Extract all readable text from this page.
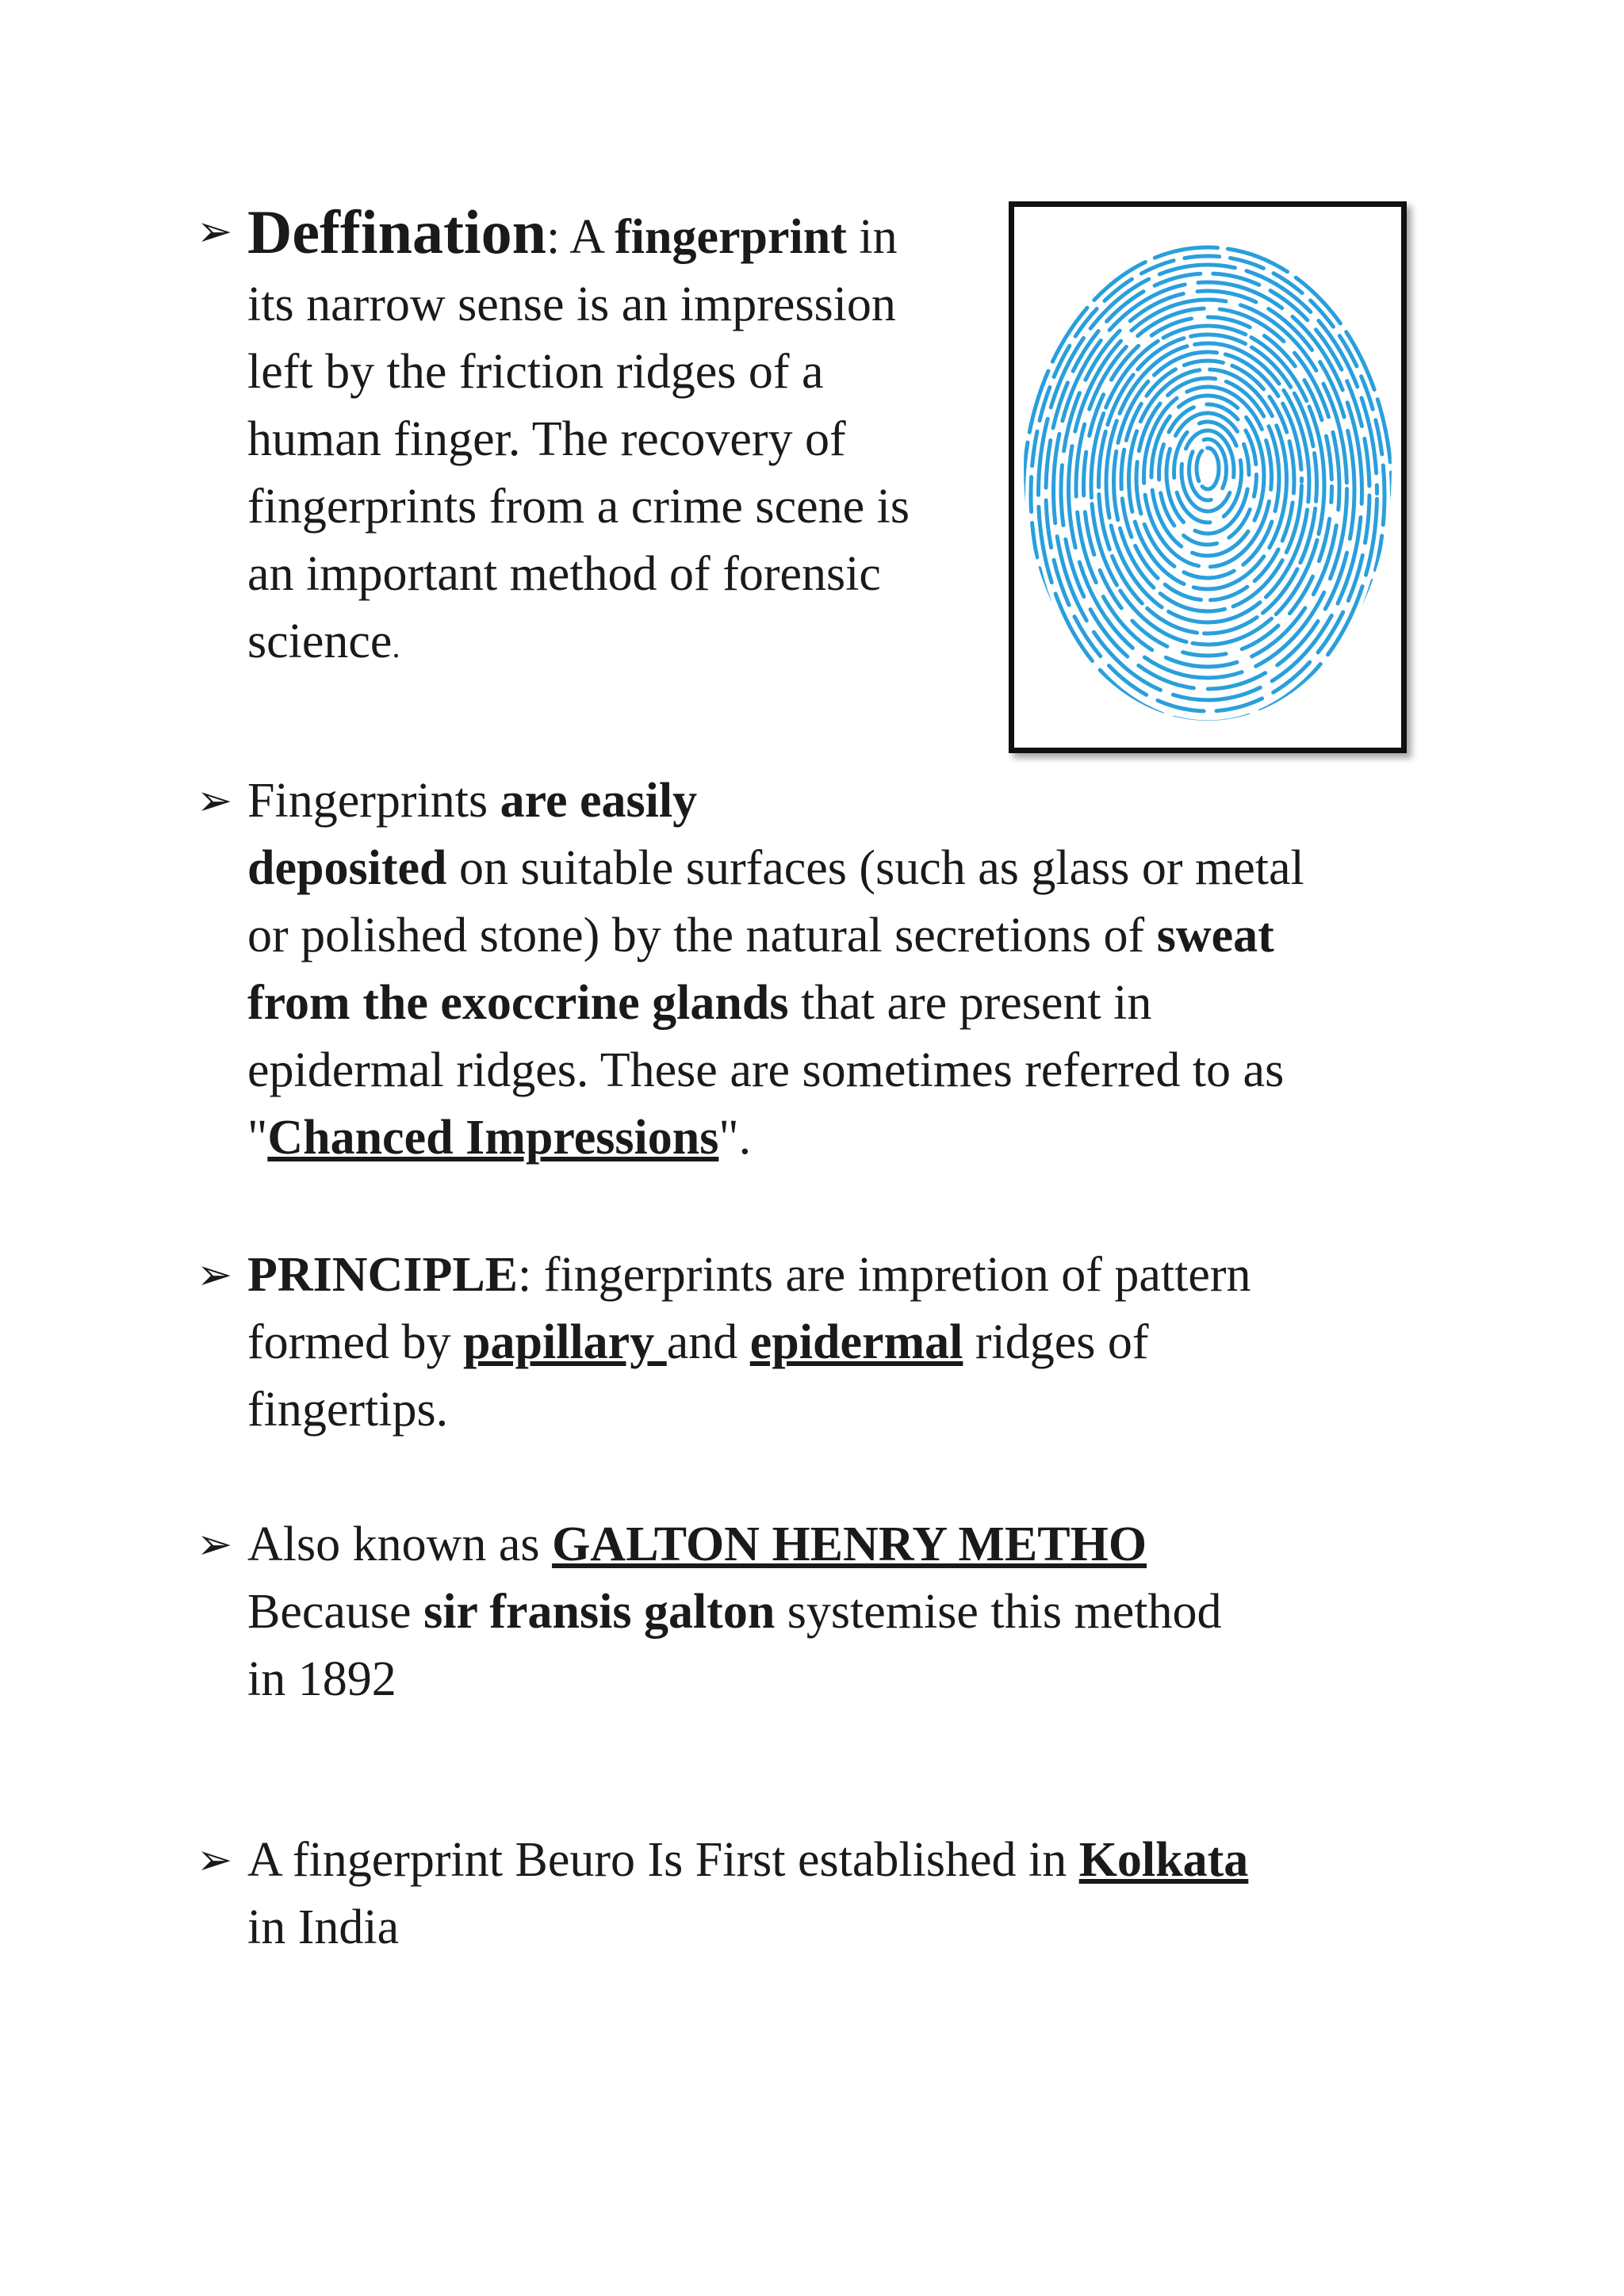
➢ Deffination: A fingerprint in
its narrow sense is an impression
left by the friction ridges of a
human finger. The recovery of
fingerprints from a crime scene is
an important method of forensic
science.
➢ Fingerprints are easily
deposited on suitable surfaces (such as glass or metal
or polished stone) by the natural secretions of sweat
from the exoccrine glands that are present in
epidermal ridges. These are sometimes referred to as
"Chanced Impressions".
➢ PRINCIPLE: fingerprints are impretion of pattern
formed by papillary and epidermal ridges of
fingertips.
➢ Also known as GALTON HENRY METHO
Because sir fransis galton systemise this method
in 1892
➢ A fingerprint Beuro Is First established in Kolkata
in India
